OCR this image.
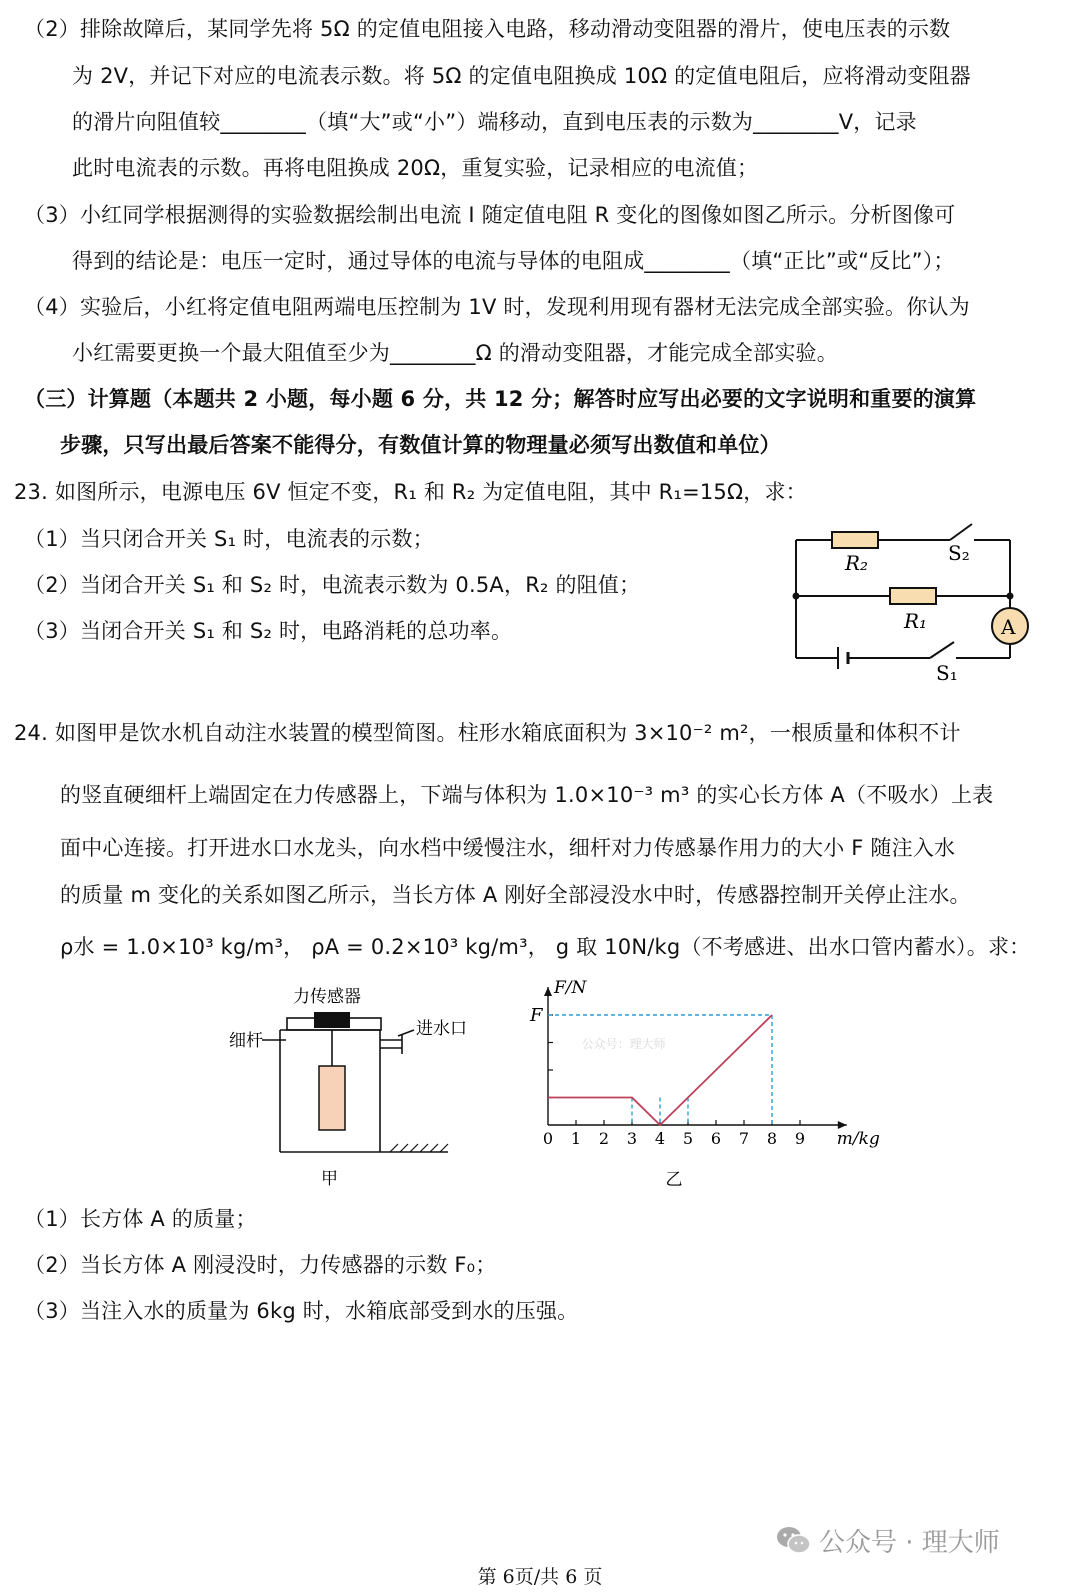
（2）排除故障后，某同学先将 5Ω 的定值电阻接入电路，移动滑动变阻器的滑片，使电压表的示数
为 2V，并记下对应的电流表示数。将 5Ω 的定值电阻换成 10Ω 的定值电阻后，应将滑动变阻器
的滑片向阻值较________（填“大”或“小”）端移动，直到电压表的示数为________V，记录
此时电流表的示数。再将电阻换成 20Ω，重复实验，记录相应的电流值；
（3）小红同学根据测得的实验数据绘制出电流 I 随定值电阻 R 变化的图像如图乙所示。分析图像可
得到的结论是：电压一定时，通过导体的电流与导体的电阻成________（填“正比”或“反比”）；
（4）实验后，小红将定值电阻两端电压控制为 1V 时，发现利用现有器材无法完成全部实验。你认为
小红需要更换一个最大阻值至少为________Ω 的滑动变阻器，才能完成全部实验。
（三）计算题（本题共 2 小题，每小题 6 分，共 12 分；解答时应写出必要的文字说明和重要的演算
步骤，只写出最后答案不能得分，有数值计算的物理量必须写出数值和单位）
23. 如图所示，电源电压 6V 恒定不变，R₁ 和 R₂ 为定值电阻，其中 R₁=15Ω，求：
（1）当只闭合开关 S₁ 时，电流表的示数；
（2）当闭合开关 S₁ 和 S₂ 时，电流表示数为 0.5A，R₂ 的阻值；
（3）当闭合开关 S₁ 和 S₂ 时，电路消耗的总功率。
R₂	S₂
R₁	A
S₁
24. 如图甲是饮水机自动注水装置的模型简图。柱形水箱底面积为 3×10⁻² m²，一根质量和体积不计
的竖直硬细杆上端固定在力传感器上，下端与体积为 1.0×10⁻³ m³ 的实心长方体 A（不吸水）上表
面中心连接。打开进水口水龙头，向水档中缓慢注水，细杆对力传感暴作用力的大小 F 随注入水
的质量 m 变化的关系如图乙所示，当长方体 A 刚好全部浸没水中时，传感器控制开关停止注水。
ρ水 = 1.0×10³ kg/m³， ρA = 0.2×10³ kg/m³， g 取 10N/kg（不考感进、出水口管内蓄水）。求：
力传感器
细杆
进水口
甲
0 1 2 3 4 5 6 7 8 9
F/N
m/kg
F
公众号：理大师
乙
（1）长方体 A 的质量；
（2）当长方体 A 刚浸没时，力传感器的示数 F₀；
（3）当注入水的质量为 6kg 时，水箱底部受到水的压强。
公众号 · 理大师
第 6页/共 6 页
